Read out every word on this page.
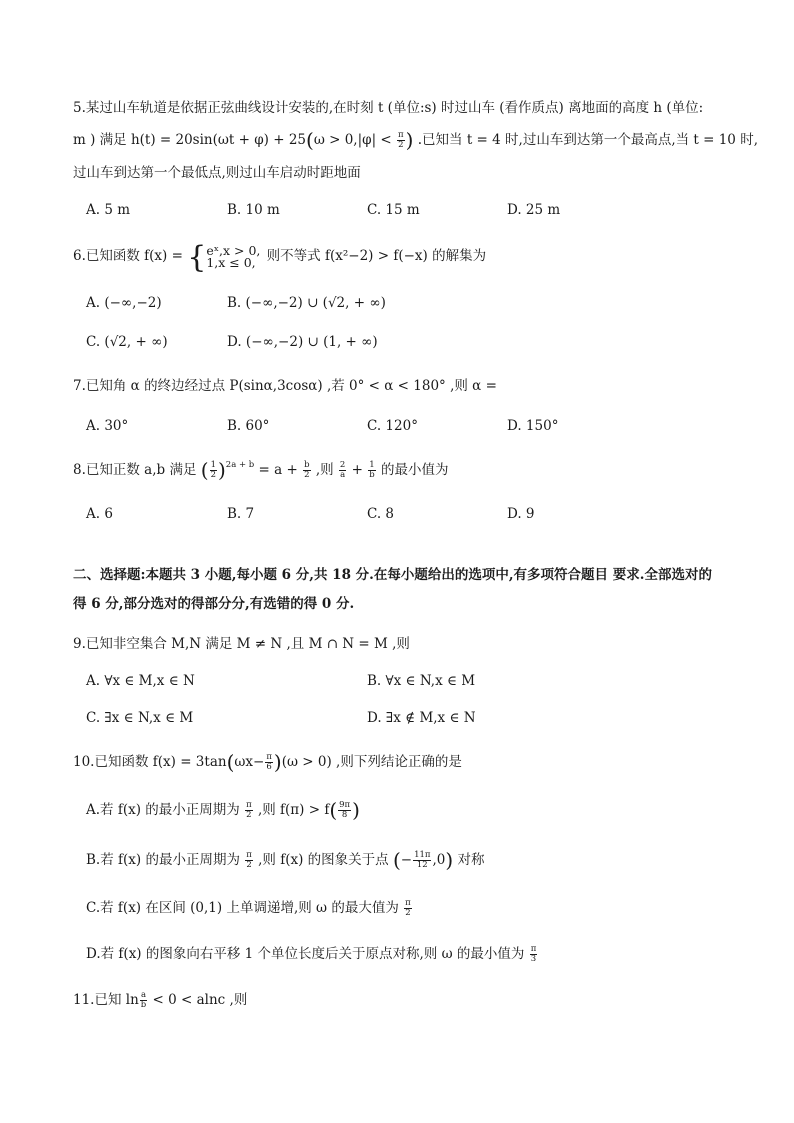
5.某过山车轨道是依据正弦曲线设计安装的,在时刻 t (单位:s) 时过山车 (看作质点) 离地面的高度 h (单位:
m ) 满足 $h(t) = 20\sin(\omega t + \varphi) + 25(\omega > 0,|\varphi| < \frac{\pi}{2}$ ) .已知当 t = 4 时,过山车到达第一个最高点,当 t = 10 时,
过山车到达第一个最低点,则过山车启动时距地面
A. 5 m	B. 10 m	C. 15 m	D. 25 m
6.已知函数 f(x) = { eˣ,x > 0,
1,x ≤ 0, 则不等式 f(x²−2) > f(−x) 的解集为
A. (−∞,−2)	B. (−∞,−2) ∪ (√2, + ∞)
C. (√2, + ∞)	D. (−∞,−2) ∪ (1, + ∞)
7.已知角 α 的终边经过点 P(sinα,3cosα) ,若 0° < α < 180° ,则 α =
A. 30°	B. 60°	C. 120°	D. 150°
8.已知正数 a,b 满足 ( $\frac{1}{2} )^{2a + b} = a + \frac{b}{2}$ ,则 $\frac{2}{a} + \frac{1}{b}$ 的最小值为
A. 6	B. 7	C. 8	D. 9
二、选择题:本题共 3 小题,每小题 6 分,共 18 分.在每小题给出的选项中,有多项符合题目 要求.全部选对的
得 6 分,部分选对的得部分分,有选错的得 0 分.
9.已知非空集合 M,N 满足 M ≠ N ,且 M ∩ N = M ,则
A. ∀x ∈ M,x ∈ N	B. ∀x ∈ N,x ∈ M
C. ∃x ∈ N,x ∈ M	D. ∃x ∉ M,x ∈ N
10.已知函数 $f(x) = 3\tan(\omega x- \frac{\pi}{6} )(\omega > 0)$ ,则下列结论正确的是
A.若 f(x) 的最小正周期为 $\frac{\pi}{2}$ ,则 $f(\pi) > f( \frac{9\pi}{8}$ )
B.若 f(x) 的最小正周期为 $\frac{\pi}{2}$ ,则 f(x) 的图象关于点 (− $\frac{11\pi}{12} ,0$) 对称
C.若 f(x) 在区间 (0,1) 上单调递增,则 ω 的最大值为 $\frac{\pi}{2}$
D.若 f(x) 的图象向右平移 1 个单位长度后关于原点对称,则 ω 的最小值为 $\frac{\pi}{3}$
11.已知 $\ln \frac{a}{b} < 0 < alnc$ ,则
